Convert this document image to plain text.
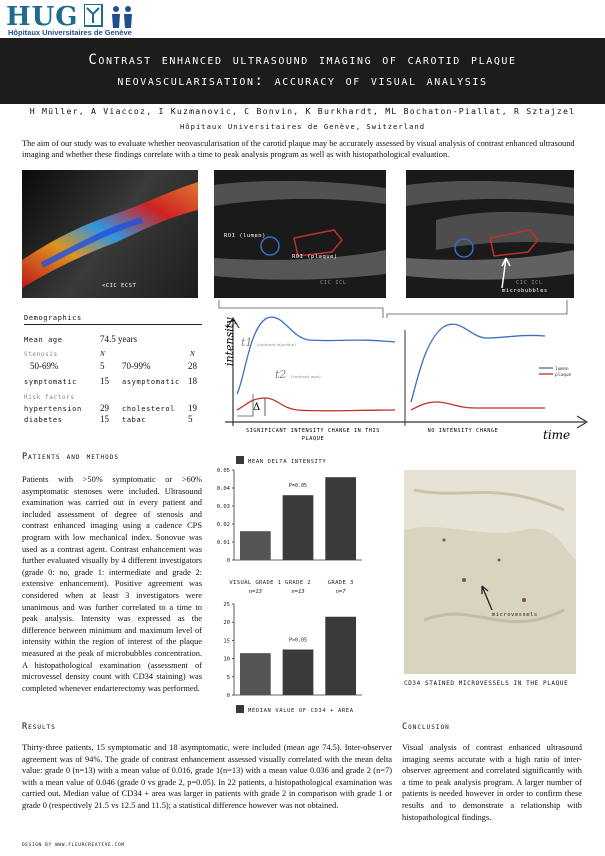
HUG
Hôpitaux Universitaires de Genève
Contrast enhanced ultrasound imaging of carotid plaque
neovascularisation: accuracy of visual analysis
H Müller, A Viaccoz, I Kuzmanovic, C Bonvin, K Burkhardt, ML Bochaton-Piallat, R Sztajzel
Hôpitaux Universitaires de Genève, Switzerland
The aim of our study was to evaluate whether neovascularisation of the carotid plaque may be accurately assessed by visual analysis of contrast enhanced ultrasound imaging and whether these findings correlate with a time to peak analysis program as well as with histopathological evaluation.
<CIC ECST
ROI (lumen)
ROI (plaque)
CIC ICL
microbubbles
CIC ICL
Demographics
Mean age	74.5 years
Stenosis	N	N
50-69%	5 70-99%	28
symptomatic	15 asymptomatic 18
Risk factors
hypertension 29 cholesterol 19
diabetes	15 tabac	5
lumen
plaque
intensity
time
t1 (contrast injection)
t2 (contrast max)
Δ
SIGNIFICANT INTENSITY CHANGE IN THIS
PLAQUE
NO INTENSITY CHANGE
Patients and methods
Patients with >50% symptomatic or >60% asymptomatic stenoses were included. Ultrasound examination was carried out in every patient and included assessment of degree of stenosis and contrast enhanced imaging using a cadence CPS program with low mechanical index. Sonovue was used as a contrast agent. Contrast enhancement was further evaluated visually by 4 different investigators (grade 0: no, grade 1: intermediate and grade 2: extensive enhancement). Positive agreement was considered when at least 3 investigators were unanimous and was further correlated to a time to peak analysis. Intensity was expressed as the difference between minimum and maximum level of intensity within the region of interest of the plaque measured at the peak of microbubbles concentration. A histopathological examination (assessment of microvessel density count with CD34 staining) was completed whenever endarterectomy was performed.
MEAN DELTA INTENSITY
0
0.01
0.02
0.03
0.04
0.05
P=0.05
VISUAL GRADE 1
n=13
GRADE 2
n=13
GRADE 3
n=7
0
5
10
15
20
25
P>0.05
MEDIAN VALUE OF CD34 + AREA
microvessels
CD34 STAINED MICROVESSELS IN THE PLAQUE
Results
Thirty-three patients, 15 symptomatic and 18 asymptomatic, were included (mean age 74.5). Inter-observer agreement was of 94%. The grade of contrast enhancement assessed visually correlated with the mean delta value: grade 0 (n=13) with a mean value of 0.016, grade 1(n=13) with a mean value 0.036 and grade 2 (n=7) with a mean value of 0.046 (grade 0 vs grade 2, p=0.05). In 22 patients, a histopathological examination was carried out. Median value of CD34 + area was larger in patients with grade 2 in comparison with grade 1 or grade 0 (respectively 21.5 vs 12.5 and 11.5); a statistical difference however was not obtained.
Conclusion
Visual analysis of contrast enhanced ultrasound imaging seems accurate with a high ratio of inter-observer agreement and correlated significantly with a time to peak analysis program. A larger number of patients is needed however in order to confirm these results and to demonstrate a relationship with histopathological findings.
DESIGN BY WWW.FLEURCREATIVE.COM
